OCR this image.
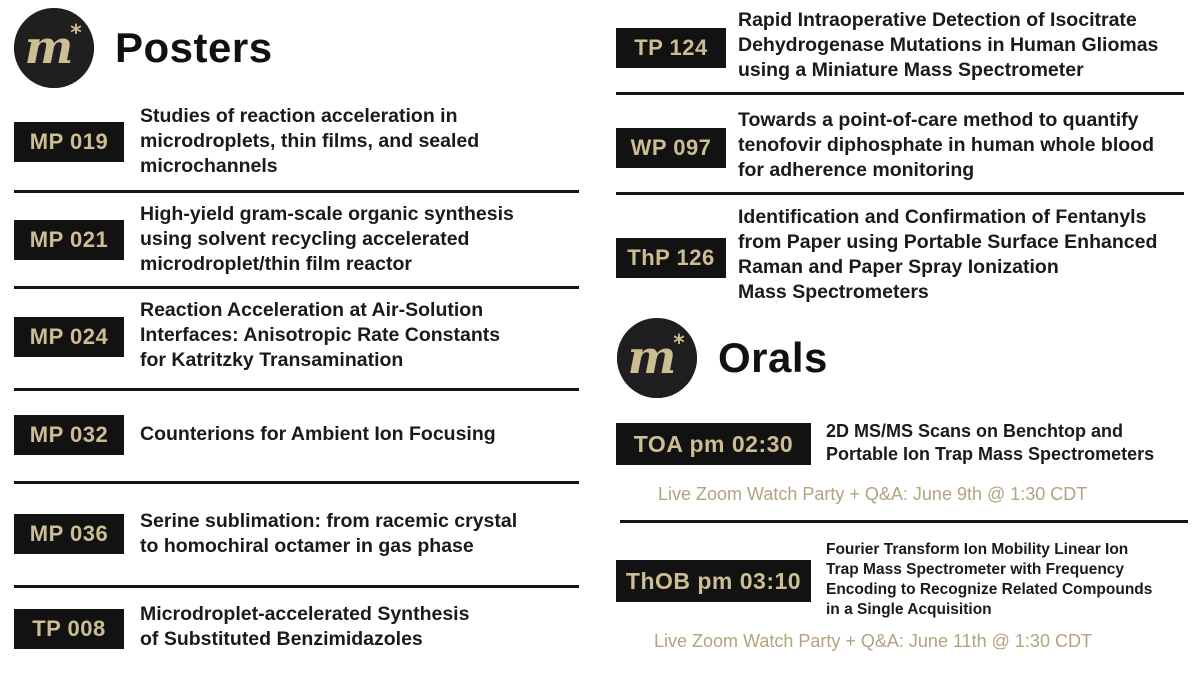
m
* Posters
MP 019
Studies of reaction acceleration in
microdroplets, thin films, and sealed
microchannels
MP 021
High-yield gram-scale organic synthesis
using solvent recycling accelerated
microdroplet/thin film reactor
MP 024
Reaction Acceleration at Air-Solution
Interfaces: Anisotropic Rate Constants
for Katritzky Transamination
MP 032	Counterions for Ambient Ion Focusing
MP 036	Serine sublimation: from racemic crystal
to homochiral octamer in gas phase
TP 008
Microdroplet-accelerated Synthesis
of Substituted Benzimidazoles
TP 124
Rapid Intraoperative Detection of Isocitrate
Dehydrogenase Mutations in Human Gliomas
using a Miniature Mass Spectrometer
WP 097
Towards a point-of-care method to quantify
tenofovir diphosphate in human whole blood
for adherence monitoring
ThP 126
Identification and Confirmation of Fentanyls
from Paper using Portable Surface Enhanced
Raman and Paper Spray Ionization
Mass Spectrometers
m
* Orals
TOA pm 02:30	2D MS/MS Scans on Benchtop and
Portable Ion Trap Mass Spectrometers
Live Zoom Watch Party + Q&A: June 9th @ 1:30 CDT
ThOB pm 03:10
Fourier Transform Ion Mobility Linear Ion
Trap Mass Spectrometer with Frequency
Encoding to Recognize Related Compounds
in a Single Acquisition
Live Zoom Watch Party + Q&A: June 11th @ 1:30 CDT
